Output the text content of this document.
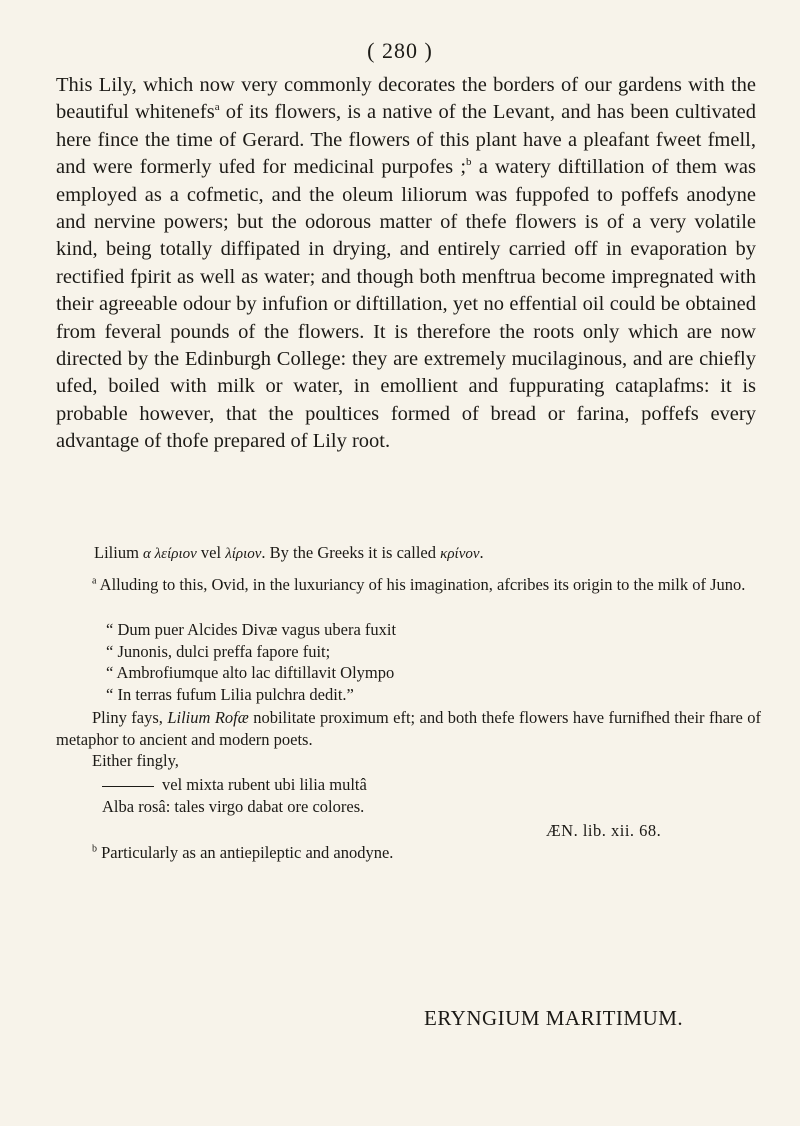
( 280 )

This Lily, which now very commonly decorates the borders of our gardens with the beautiful whitenefs$^a$ of its flowers, is a native of the Levant, and has been cultivated here fince the time of Gerard. The flowers of this plant have a pleafant fweet fmell, and were formerly ufed for medicinal purpofes ;$^b$ a watery diftillation of them was employed as a cofmetic, and the oleum liliorum was fuppofed to poffefs anodyne and nervine powers; but the odorous matter of thefe flowers is of a very volatile kind, being totally diffipated in drying, and entirely carried off in evaporation by rectified fpirit as well as water; and though both menftrua become impregnated with their agreeable odour by infufion or diftillation, yet no effential oil could be obtained from feveral pounds of the flowers. It is therefore the roots only which are now directed by the Edinburgh College: they are extremely mucilaginous, and are chiefly ufed, boiled with milk or water, in emollient and fuppurating cataplafms: it is probable however, that the poultices formed of bread or farina, poffefs every advantage of thofe prepared of Lily root.

Lilium α λείριον vel λίριον. By the Greeks it is called κρίνον.

$^a$ Alluding to this, Ovid, in the luxuriancy of his imagination, afcribes its origin to the milk of Juno.

“ Dum puer Alcides Divæ vagus ubera fuxit
“ Junonis, dulci preffa fapore fuit;
“ Ambrofiumque alto lac diftillavit Olympo
“ In terras fufum Lilia pulchra dedit.”

Pliny fays, Lilium Rofæ nobilitate proximum eft; and both thefe flowers have furnifhed their fhare of metaphor to ancient and modern poets.

Either fingly,

vel mixta rubent ubi lilia multâ

Alba rosâ: tales virgo dabat ore colores.

ÆN. lib. xii. 68.

$^b$ Particularly as an antiepileptic and anodyne.

ERYNGIUM MARITIMUM.
